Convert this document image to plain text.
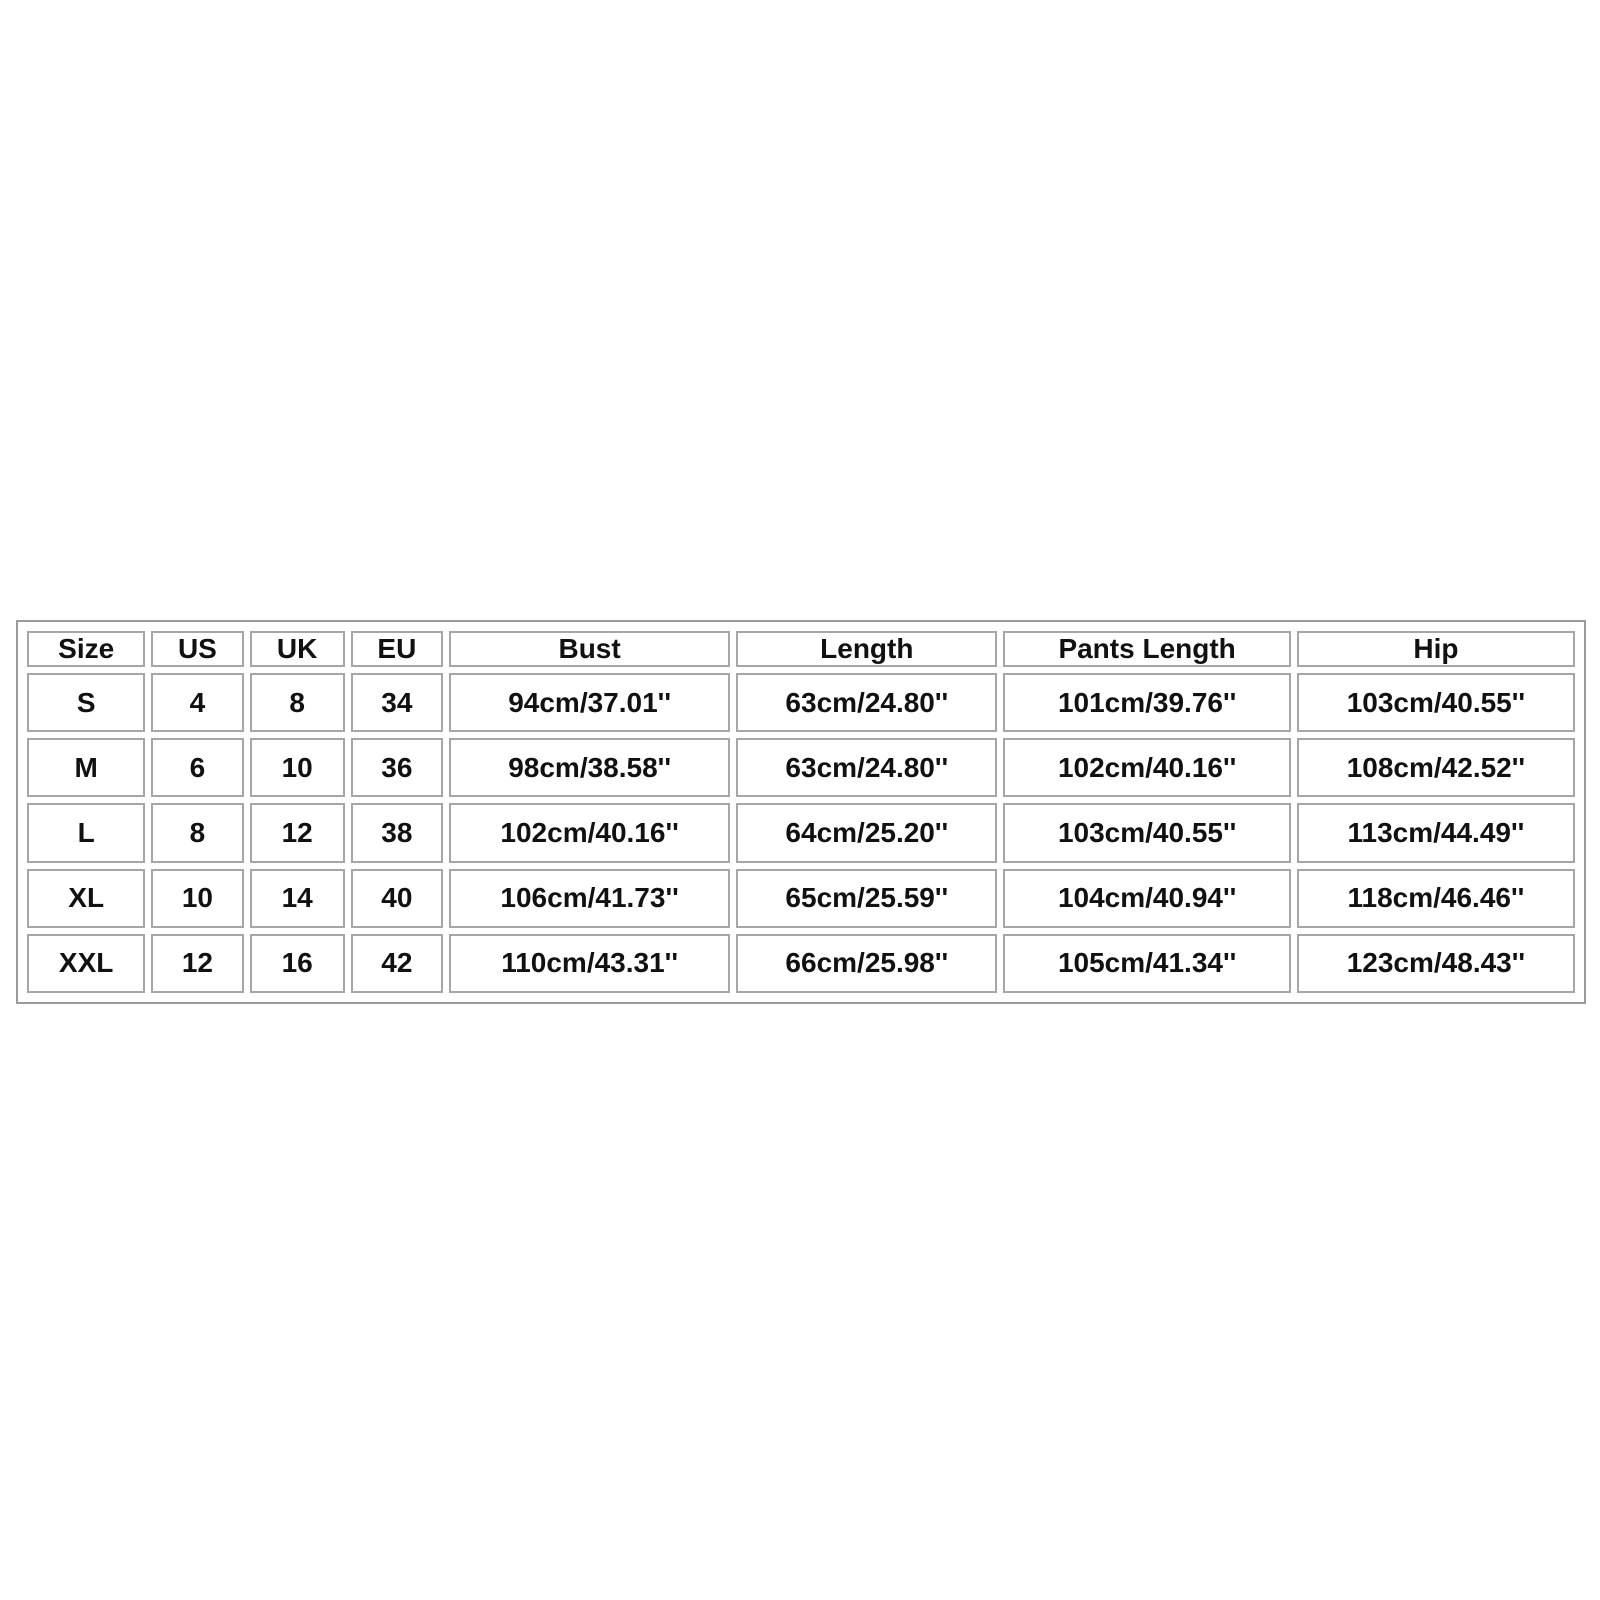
Size	US	UK	EU	Bust	Length	Pants Length	Hip
S	4	8	34	94cm/37.01''	63cm/24.80''	101cm/39.76''	103cm/40.55''
M	6	10	36	98cm/38.58''	63cm/24.80''	102cm/40.16''	108cm/42.52''
L	8	12	38	102cm/40.16''	64cm/25.20''	103cm/40.55''	113cm/44.49''
XL	10	14	40	106cm/41.73''	65cm/25.59''	104cm/40.94''	118cm/46.46''
XXL	12	16	42	110cm/43.31''	66cm/25.98''	105cm/41.34''	123cm/48.43''
